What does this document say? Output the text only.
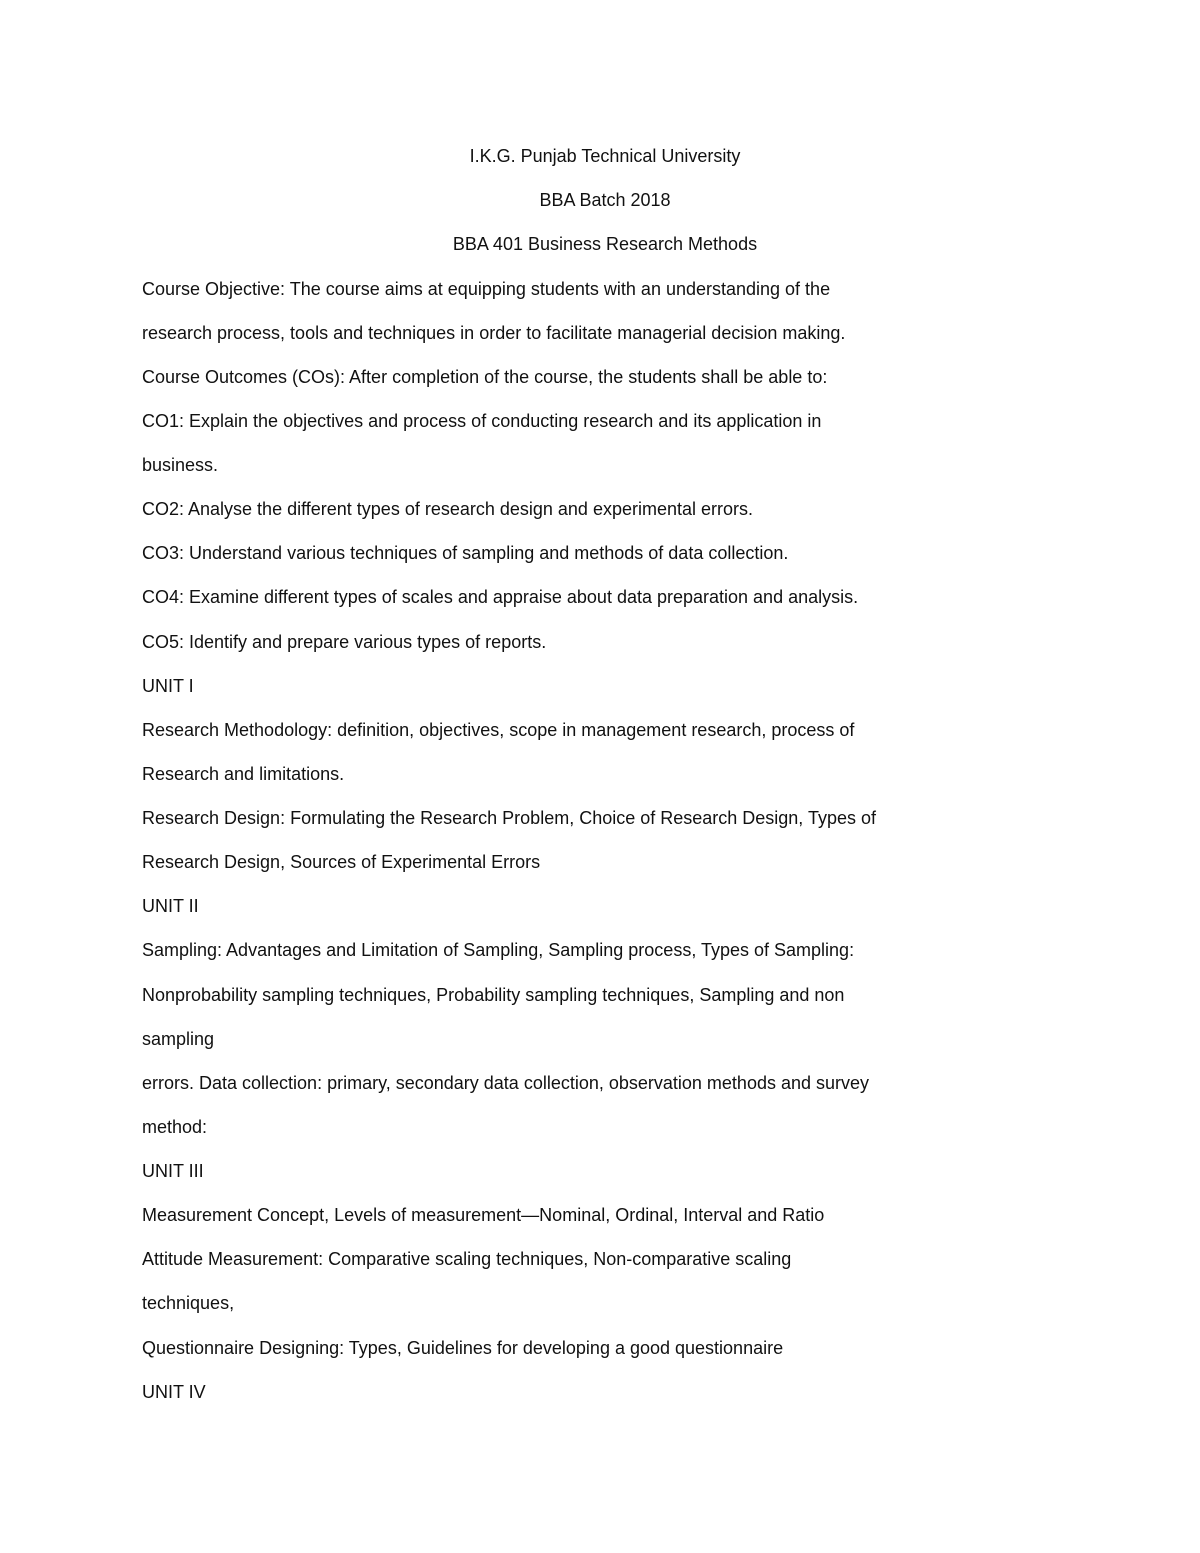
I.K.G. Punjab Technical University
BBA Batch 2018
BBA 401 Business Research Methods
Course Objective: The course aims at equipping students with an understanding of the
research process, tools and techniques in order to facilitate managerial decision making.
Course Outcomes (COs): After completion of the course, the students shall be able to:
CO1: Explain the objectives and process of conducting research and its application in
business.
CO2: Analyse the different types of research design and experimental errors.
CO3: Understand various techniques of sampling and methods of data collection.
CO4: Examine different types of scales and appraise about data preparation and analysis.
CO5: Identify and prepare various types of reports.
UNIT I
Research Methodology: definition, objectives, scope in management research, process of
Research and limitations.
Research Design: Formulating the Research Problem, Choice of Research Design, Types of
Research Design, Sources of Experimental Errors
UNIT II
Sampling: Advantages and Limitation of Sampling, Sampling process, Types of Sampling:
Nonprobability sampling techniques, Probability sampling techniques, Sampling and non
sampling
errors. Data collection: primary, secondary data collection, observation methods and survey
method:
UNIT III
Measurement Concept, Levels of measurement—Nominal, Ordinal, Interval and Ratio
Attitude Measurement: Comparative scaling techniques, Non-comparative scaling
techniques,
Questionnaire Designing: Types, Guidelines for developing a good questionnaire
UNIT IV
